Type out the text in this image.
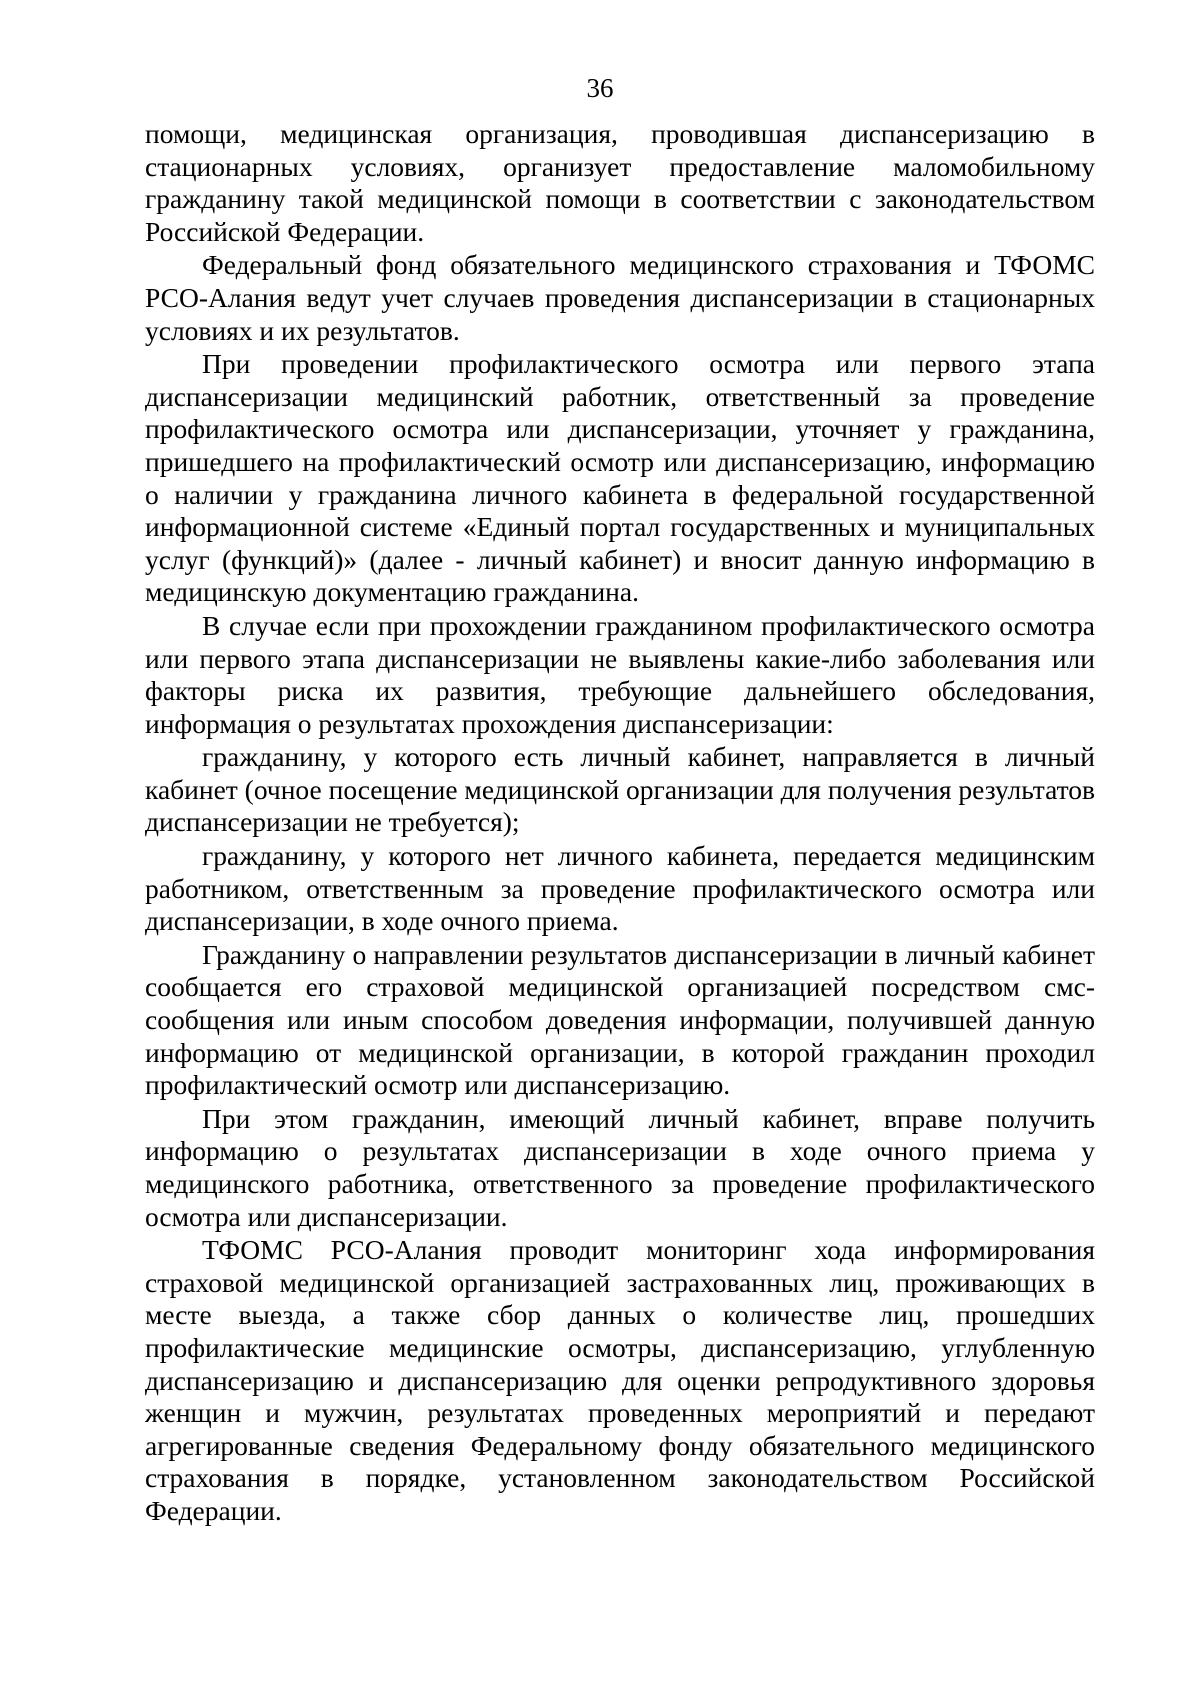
36

помощи, медицинская организация, проводившая диспансеризацию в стационарных условиях, организует предоставление маломобильному гражданину такой медицинской помощи в соответствии с законодательством Российской Федерации.

Федеральный фонд обязательного медицинского страхования и ТФОМС РСО-Алания ведут учет случаев проведения диспансеризации в стационарных условиях и их результатов.

При проведении профилактического осмотра или первого этапа диспансеризации медицинский работник, ответственный за проведение профилактического осмотра или диспансеризации, уточняет у гражданина, пришедшего на профилактический осмотр или диспансеризацию, информацию о наличии у гражданина личного кабинета в федеральной государственной информационной системе «Единый портал государственных и муниципальных услуг (функций)» (далее - личный кабинет) и вносит данную информацию в медицинскую документацию гражданина.

В случае если при прохождении гражданином профилактического осмотра или первого этапа диспансеризации не выявлены какие-либо заболевания или факторы риска их развития, требующие дальнейшего обследования, информация о результатах прохождения диспансеризации:

гражданину, у которого есть личный кабинет, направляется в личный кабинет (очное посещение медицинской организации для получения результатов диспансеризации не требуется);

гражданину, у которого нет личного кабинета, передается медицинским работником, ответственным за проведение профилактического осмотра или диспансеризации, в ходе очного приема.

Гражданину о направлении результатов диспансеризации в личный кабинет сообщается его страховой медицинской организацией посредством смс-сообщения или иным способом доведения информации, получившей данную информацию от медицинской организации, в которой гражданин проходил профилактический осмотр или диспансеризацию.

При этом гражданин, имеющий личный кабинет, вправе получить информацию о результатах диспансеризации в ходе очного приема у медицинского работника, ответственного за проведение профилактического осмотра или диспансеризации.

ТФОМС РСО-Алания проводит мониторинг хода информирования страховой медицинской организацией застрахованных лиц, проживающих в месте выезда, а также сбор данных о количестве лиц, прошедших профилактические медицинские осмотры, диспансеризацию, углубленную диспансеризацию и диспансеризацию для оценки репродуктивного здоровья женщин и мужчин, результатах проведенных мероприятий и передают агрегированные сведения Федеральному фонду обязательного медицинского страхования в порядке, установленном законодательством Российской Федерации.
